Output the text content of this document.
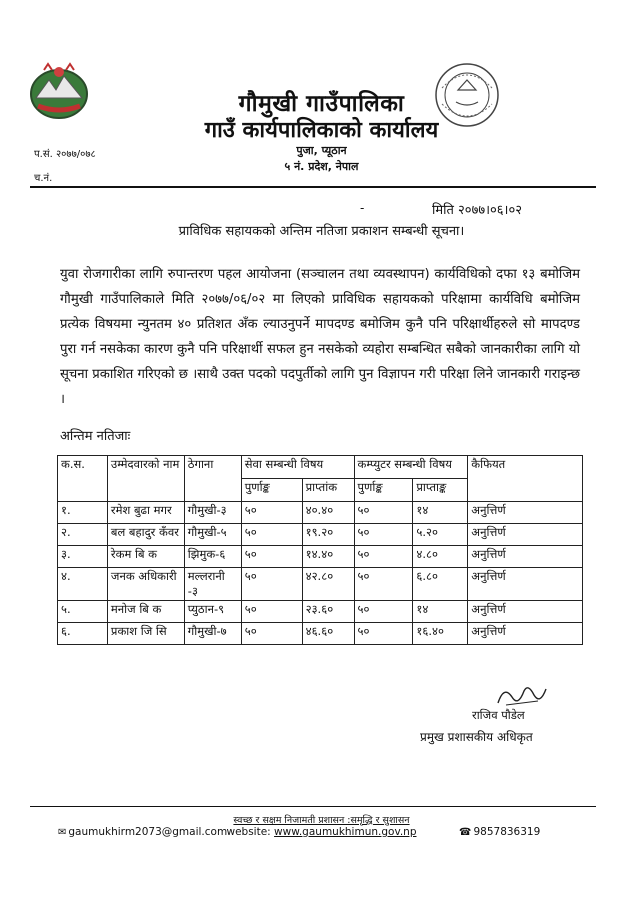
गौमुखी गाउँपालिका
गाउँ कार्यपालिकाको कार्यालय
पुजा, प्यूठान
५ नं. प्रदेश, नेपाल
प.सं. २०७७/०७८
च.नं.
-	मिति २०७७।०६।०२
प्राविधिक सहायकको अन्तिम नतिजा प्रकाशन सम्बन्धी सूचना।
युवा रोजगारीका लागि रुपान्तरण पहल आयोजना (सञ्चालन तथा व्यवस्थापन) कार्यविधिको दफा १३ बमोजिम गौमुखी गाउँपालिकाले मिति २०७७/०६/०२ मा लिएको प्राविधिक सहायकको परिक्षामा कार्यविधि बमोजिम प्रत्येक विषयमा न्युनतम ४० प्रतिशत अँक ल्याउनुपर्ने मापदण्ड बमोजिम कुनै पनि परिक्षार्थीहरुले सो मापदण्ड पुरा गर्न नसकेका कारण कुनै पनि परिक्षार्थी सफल हुन नसकेको व्यहोरा सम्बन्धित सबैको जानकारीका लागि यो सूचना प्रकाशित गरिएको छ ।साथै उक्त पदको पदपुर्तीको लागि पुन विज्ञापन गरी परिक्षा लिने जानकारी गराइन्छ ।
अन्तिम नतिजाः
क.स.	उम्मेदवारको नाम	ठेगाना	सेवा सम्बन्धी विषय		कम्प्युटर सम्बन्धी विषय		कैफियत
			पुर्णाङ्क	प्राप्तांक	पुर्णाङ्क	प्राप्ताङ्क	
१.	रमेश बुढा मगर	गौमुखी-३	५०	४०.४०	५०	१४	अनुत्तिर्ण
२.	बल बहादुर कँवर	गौमुखी-५	५०	१९.२०	५०	५.२०	अनुत्तिर्ण
३.	रेकम बि क	झिमुक-६	५०	१४.४०	५०	४.८०	अनुत्तिर्ण
४.	जनक अधिकारी	मल्लरानी -३	५०	४२.८०	५०	६.८०	अनुत्तिर्ण
५.	मनोज बि क	प्युठान-९	५०	२३.६०	५०	१४	अनुत्तिर्ण
६.	प्रकाश जि सि	गौमुखी-७	५०	४६.६०	५०	१६.४०	अनुत्तिर्ण
राजिव पौडेल
प्रमुख प्रशासकीय अधिकृत
स्वच्छ र सक्षम निजामती प्रशासन :समृद्धि र सुशासन
website: www.gaumukhimun.gov.np
✉ gaumukhirm2073@gmail.com	☎ 9857836319
